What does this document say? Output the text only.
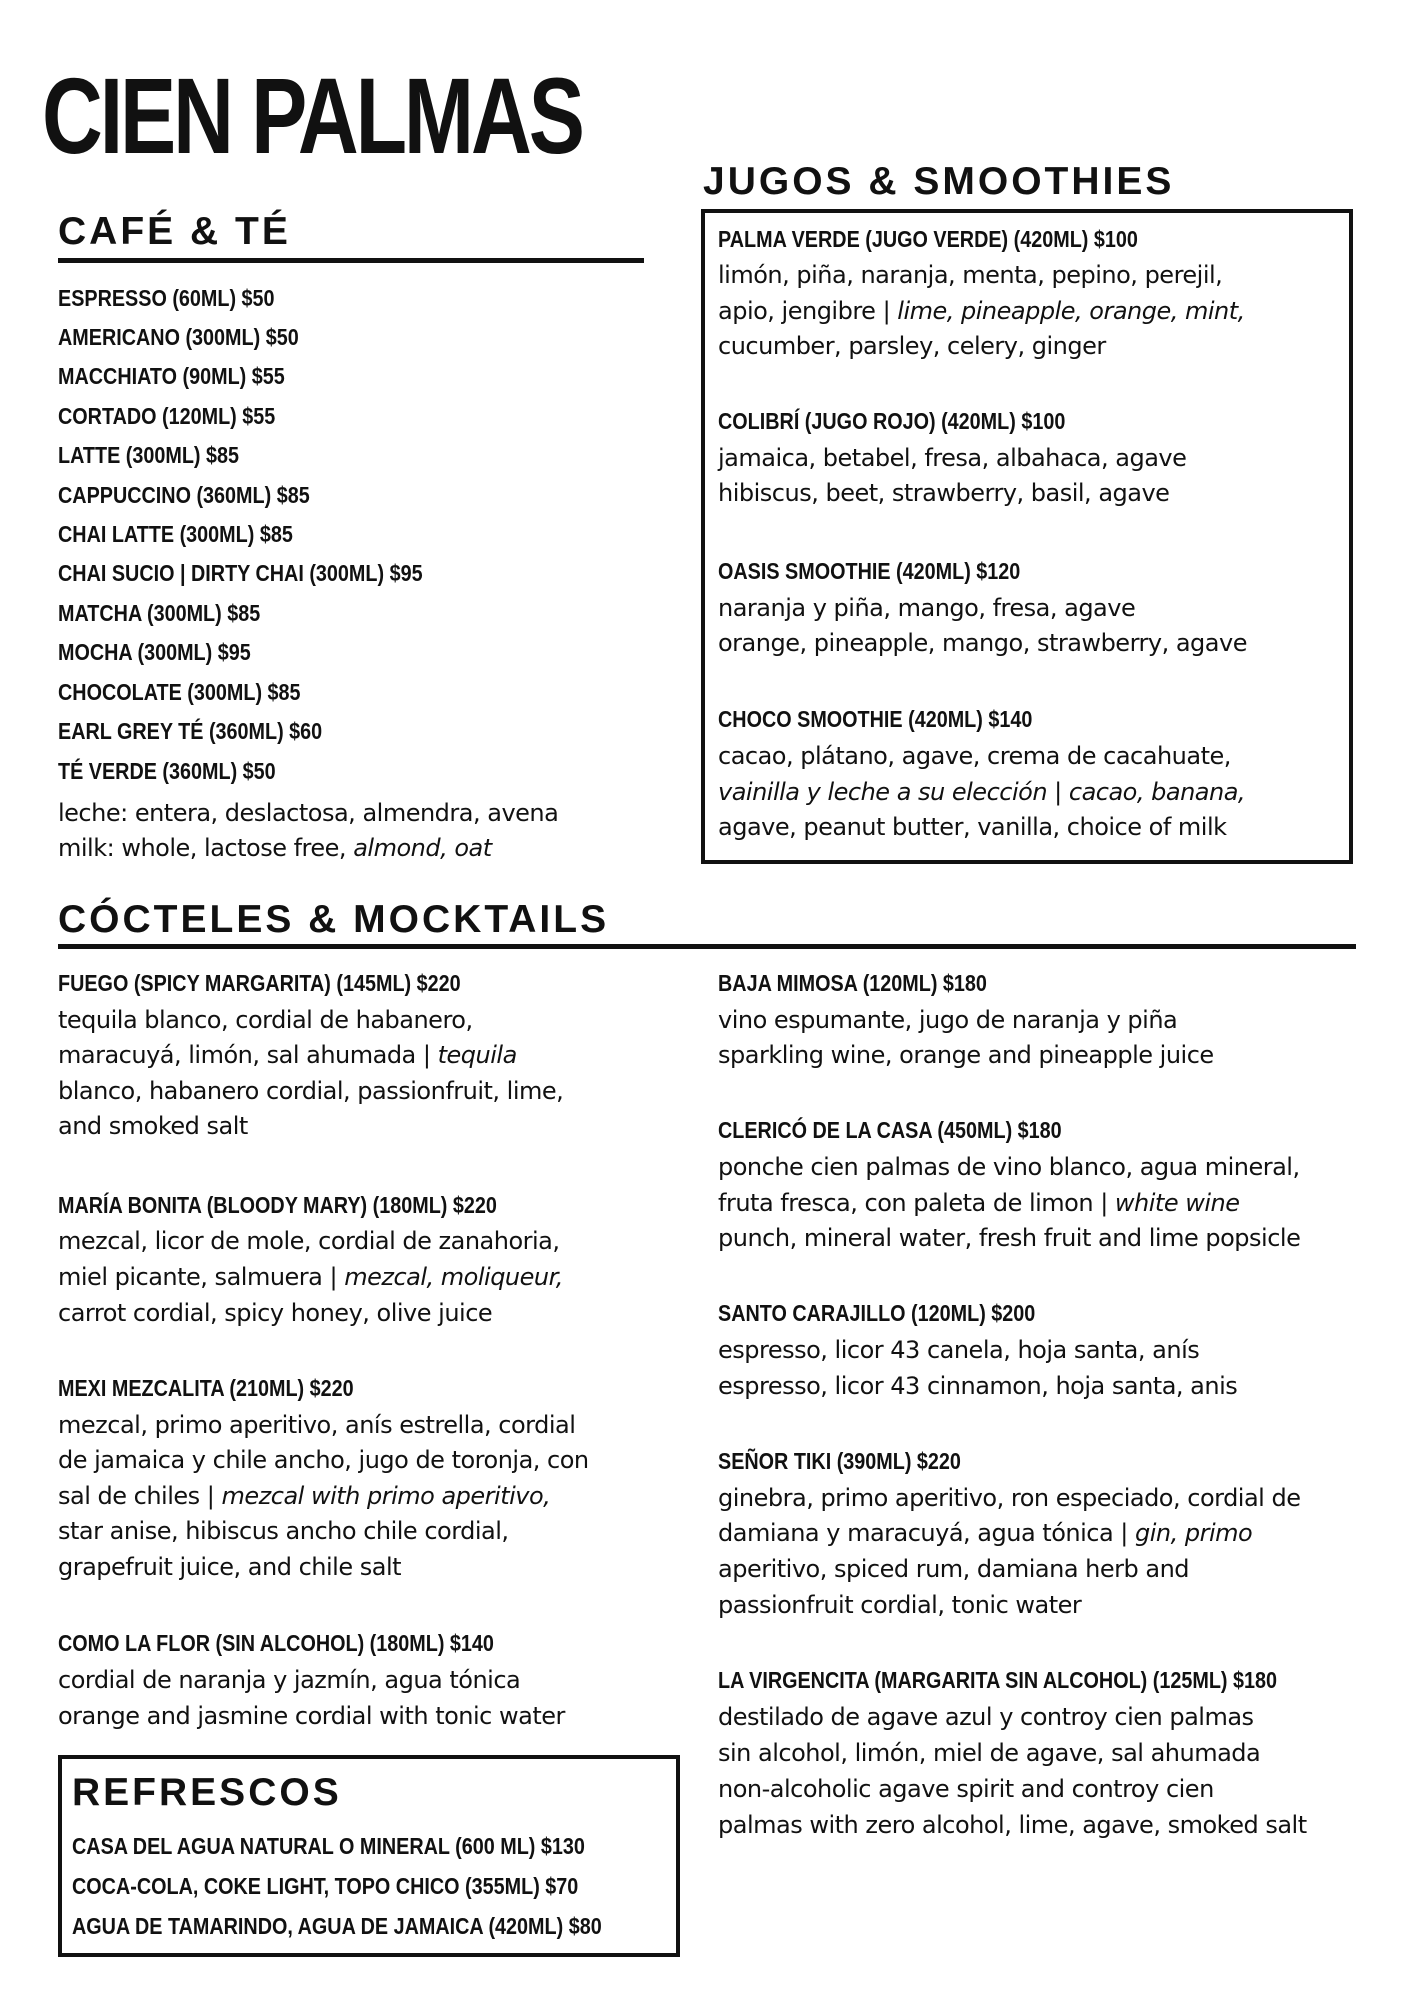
CIEN PALMAS
CAFÉ & TÉ
ESPRESSO (60ML) $50
AMERICANO (300ML) $50
MACCHIATO (90ML) $55
CORTADO (120ML) $55
LATTE (300ML) $85
CAPPUCCINO (360ML) $85
CHAI LATTE (300ML) $85
CHAI SUCIO | DIRTY CHAI (300ML) $95
MATCHA (300ML) $85
MOCHA (300ML) $95
CHOCOLATE (300ML) $85
EARL GREY TÉ (360ML) $60
TÉ VERDE (360ML) $50
leche: entera, deslactosa, almendra, avena
milk: whole, lactose free, almond, oat
JUGOS & SMOOTHIES
PALMA VERDE (JUGO VERDE) (420ML) $100
limón, piña, naranja, menta, pepino, perejil,
apio, jengibre | lime, pineapple, orange, mint,
cucumber, parsley, celery, ginger
COLIBRÍ (JUGO ROJO) (420ML) $100
jamaica, betabel, fresa, albahaca, agave
hibiscus, beet, strawberry, basil, agave
OASIS SMOOTHIE (420ML) $120
naranja y piña, mango, fresa, agave
orange, pineapple, mango, strawberry, agave
CHOCO SMOOTHIE (420ML) $140
cacao, plátano, agave, crema de cacahuate,
vainilla y leche a su elección | cacao, banana,
agave, peanut butter, vanilla, choice of milk
CÓCTELES & MOCKTAILS
FUEGO (SPICY MARGARITA) (145ML) $220
tequila blanco, cordial de habanero,
maracuyá, limón, sal ahumada | tequila
blanco, habanero cordial, passionfruit, lime,
and smoked salt
MARÍA BONITA (BLOODY MARY) (180ML) $220
mezcal, licor de mole, cordial de zanahoria,
miel picante, salmuera | mezcal, moliqueur,
carrot cordial, spicy honey, olive juice
MEXI MEZCALITA (210ML) $220
mezcal, primo aperitivo, anís estrella, cordial
de jamaica y chile ancho, jugo de toronja, con
sal de chiles | mezcal with primo aperitivo,
star anise, hibiscus ancho chile cordial,
grapefruit juice, and chile salt
COMO LA FLOR (SIN ALCOHOL) (180ML) $140
cordial de naranja y jazmín, agua tónica
orange and jasmine cordial with tonic water
BAJA MIMOSA (120ML) $180
vino espumante, jugo de naranja y piña
sparkling wine, orange and pineapple juice
CLERICÓ DE LA CASA (450ML) $180
ponche cien palmas de vino blanco, agua mineral,
fruta fresca, con paleta de limon | white wine
punch, mineral water, fresh fruit and lime popsicle
SANTO CARAJILLO (120ML) $200
espresso, licor 43 canela, hoja santa, anís
espresso, licor 43 cinnamon, hoja santa, anis
SEÑOR TIKI (390ML) $220
ginebra, primo aperitivo, ron especiado, cordial de
damiana y maracuyá, agua tónica | gin, primo
aperitivo, spiced rum, damiana herb and
passionfruit cordial, tonic water
LA VIRGENCITA (MARGARITA SIN ALCOHOL) (125ML) $180
destilado de agave azul y controy cien palmas
sin alcohol, limón, miel de agave, sal ahumada
non-alcoholic agave spirit and controy cien
palmas with zero alcohol, lime, agave, smoked salt
REFRESCOS
CASA DEL AGUA NATURAL O MINERAL (600 ML) $130
COCA-COLA, COKE LIGHT, TOPO CHICO (355ML) $70
AGUA DE TAMARINDO, AGUA DE JAMAICA (420ML) $80
